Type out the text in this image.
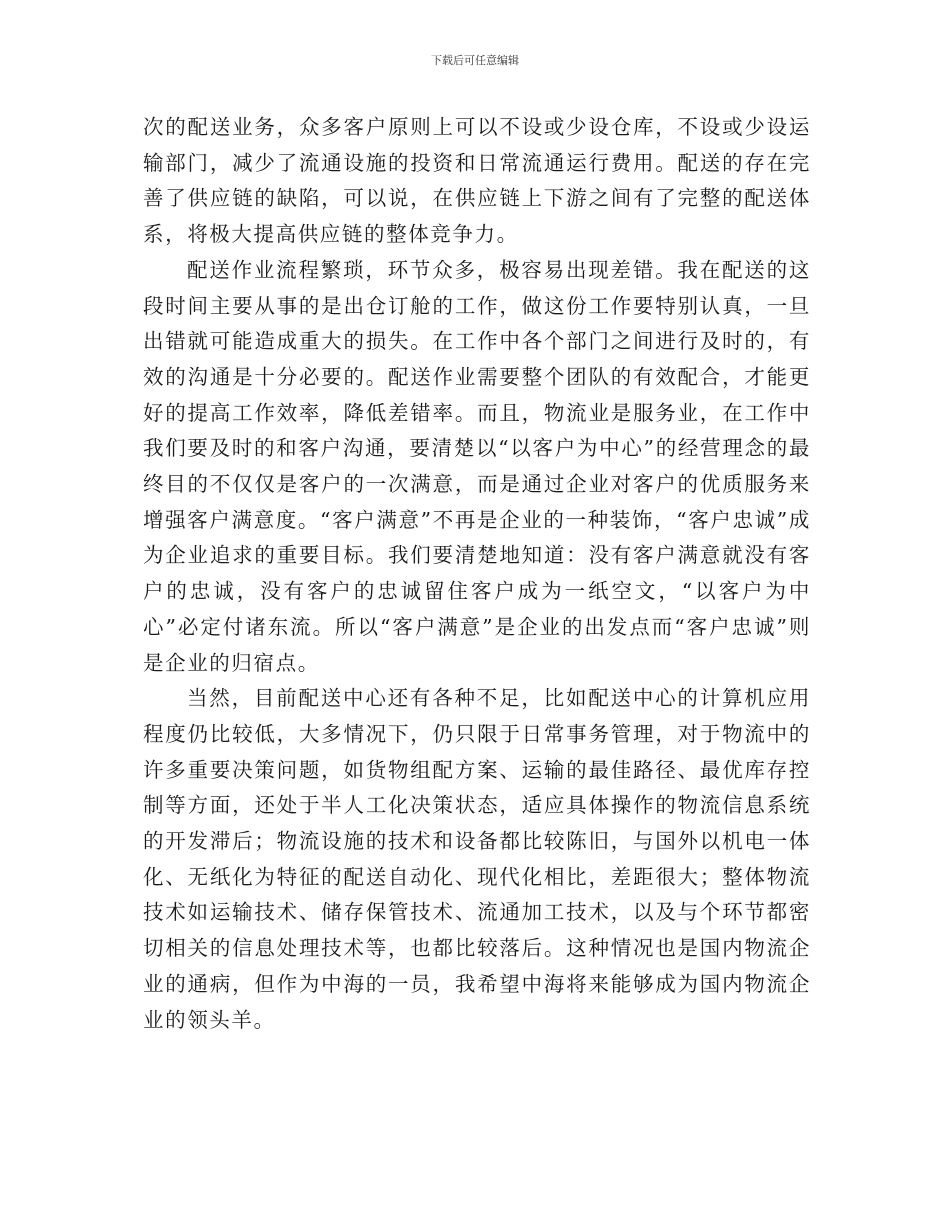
下载后可任意编辑

次的配送业务，众多客户原则上可以不设或少设仓库，不设或少设运输部门，减少了流通设施的投资和日常流通运行费用。配送的存在完善了供应链的缺陷，可以说，在供应链上下游之间有了完整的配送体系，将极大提高供应链的整体竞争力。

配送作业流程繁琐，环节众多，极容易出现差错。我在配送的这段时间主要从事的是出仓订舱的工作，做这份工作要特别认真，一旦出错就可能造成重大的损失。在工作中各个部门之间进行及时的，有效的沟通是十分必要的。配送作业需要整个团队的有效配合，才能更好的提高工作效率，降低差错率。而且，物流业是服务业，在工作中我们要及时的和客户沟通，要清楚以“以客户为中心”的经营理念的最终目的不仅仅是客户的一次满意，而是通过企业对客户的优质服务来增强客户满意度。“客户满意”不再是企业的一种装饰，“客户忠诚”成为企业追求的重要目标。我们要清楚地知道：没有客户满意就没有客户的忠诚，没有客户的忠诚留住客户成为一纸空文，“以客户为中心”必定付诸东流。所以“客户满意”是企业的出发点而“客户忠诚”则是企业的归宿点。

当然，目前配送中心还有各种不足，比如配送中心的计算机应用程度仍比较低，大多情况下，仍只限于日常事务管理，对于物流中的许多重要决策问题，如货物组配方案、运输的最佳路径、最优库存控制等方面，还处于半人工化决策状态，适应具体操作的物流信息系统的开发滞后；物流设施的技术和设备都比较陈旧，与国外以机电一体化、无纸化为特征的配送自动化、现代化相比，差距很大；整体物流技术如运输技术、储存保管技术、流通加工技术，以及与个环节都密切相关的信息处理技术等，也都比较落后。这种情况也是国内物流企业的通病，但作为中海的一员，我希望中海将来能够成为国内物流企业的领头羊。
